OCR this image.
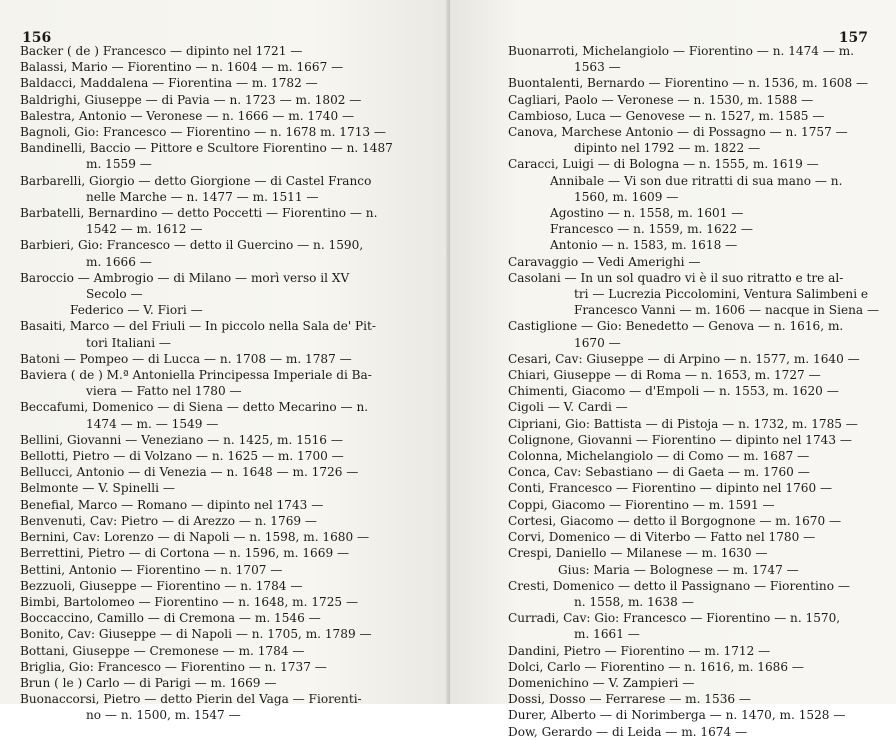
156
Backer ( de ) Francesco — dipinto nel 1721 —
Balassi, Mario — Fiorentino — n. 1604 — m. 1667 —
Baldacci, Maddalena — Fiorentina — m. 1782 —
Baldrighi, Giuseppe — di Pavia — n. 1723 — m. 1802 —
Balestra, Antonio — Veronese — n. 1666 — m. 1740 —
Bagnoli, Gio: Francesco — Fiorentino — n. 1678 m. 1713 —
Bandinelli, Baccio — Pittore e Scultore Fiorentino — n. 1487
m. 1559 —
Barbarelli, Giorgio — detto Giorgione — di Castel Franco
nelle Marche — n. 1477 — m. 1511 —
Barbatelli, Bernardino — detto Poccetti — Fiorentino — n.
1542 — m. 1612 —
Barbieri, Gio: Francesco — detto il Guercino — n. 1590,
m. 1666 —
Baroccio — Ambrogio — di Milano — morì verso il XV
Secolo —
Federico — V. Fiori —
Basaiti, Marco — del Friuli — In piccolo nella Sala de' Pit-
tori Italiani —
Batoni — Pompeo — di Lucca — n. 1708 — m. 1787 —
Baviera ( de ) M.ª Antoniella Principessa Imperiale di Ba-
viera — Fatto nel 1780 —
Beccafumi, Domenico — di Siena — detto Mecarino — n.
1474 — m. — 1549 —
Bellini, Giovanni — Veneziano — n. 1425, m. 1516 —
Bellotti, Pietro — di Volzano — n. 1625 — m. 1700 —
Bellucci, Antonio — di Venezia — n. 1648 — m. 1726 —
Belmonte — V. Spinelli —
Benefial, Marco — Romano — dipinto nel 1743 —
Benvenuti, Cav: Pietro — di Arezzo — n. 1769 —
Bernini, Cav: Lorenzo — di Napoli — n. 1598, m. 1680 —
Berrettini, Pietro — di Cortona — n. 1596, m. 1669 —
Bettini, Antonio — Fiorentino — n. 1707 —
Bezzuoli, Giuseppe — Fiorentino — n. 1784 —
Bimbi, Bartolomeo — Fiorentino — n. 1648, m. 1725 —
Boccaccino, Camillo — di Cremona — m. 1546 —
Bonito, Cav: Giuseppe — di Napoli — n. 1705, m. 1789 —
Bottani, Giuseppe — Cremonese — m. 1784 —
Briglia, Gio: Francesco — Fiorentino — n. 1737 —
Brun ( le ) Carlo — di Parigi — m. 1669 —
Buonaccorsi, Pietro — detto Pierin del Vaga — Fiorenti-
no — n. 1500, m. 1547 —
157
Buonarroti, Michelangiolo — Fiorentino — n. 1474 — m.
1563 —
Buontalenti, Bernardo — Fiorentino — n. 1536, m. 1608 —
Cagliari, Paolo — Veronese — n. 1530, m. 1588 —
Cambioso, Luca — Genovese — n. 1527, m. 1585 —
Canova, Marchese Antonio — di Possagno — n. 1757 —
dipinto nel 1792 — m. 1822 —
Caracci, Luigi — di Bologna — n. 1555, m. 1619 —
Annibale — Vi son due ritratti di sua mano — n.
1560, m. 1609 —
Agostino — n. 1558, m. 1601 —
Francesco — n. 1559, m. 1622 —
Antonio — n. 1583, m. 1618 —
Caravaggio — Vedi Amerighi —
Casolani — In un sol quadro vi è il suo ritratto e tre al-
tri — Lucrezia Piccolomini, Ventura Salimbeni e
Francesco Vanni — m. 1606 — nacque in Siena —
Castiglione — Gio: Benedetto — Genova — n. 1616, m.
1670 —
Cesari, Cav: Giuseppe — di Arpino — n. 1577, m. 1640 —
Chiari, Giuseppe — di Roma — n. 1653, m. 1727 —
Chimenti, Giacomo — d'Empoli — n. 1553, m. 1620 —
Cigoli — V. Cardi —
Cipriani, Gio: Battista — di Pistoja — n. 1732, m. 1785 —
Colignone, Giovanni — Fiorentino — dipinto nel 1743 —
Colonna, Michelangiolo — di Como — m. 1687 —
Conca, Cav: Sebastiano — di Gaeta — m. 1760 —
Conti, Francesco — Fiorentino — dipinto nel 1760 —
Coppi, Giacomo — Fiorentino — m. 1591 —
Cortesi, Giacomo — detto il Borgognone — m. 1670 —
Corvi, Domenico — di Viterbo — Fatto nel 1780 —
Crespi, Daniello — Milanese — m. 1630 —
Gius: Maria — Bolognese — m. 1747 —
Cresti, Domenico — detto il Passignano — Fiorentino —
n. 1558, m. 1638 —
Curradi, Cav: Gio: Francesco — Fiorentino — n. 1570,
m. 1661 —
Dandini, Pietro — Fiorentino — m. 1712 —
Dolci, Carlo — Fiorentino — n. 1616, m. 1686 —
Domenichino — V. Zampieri —
Dossi, Dosso — Ferrarese — m. 1536 —
Durer, Alberto — di Norimberga — n. 1470, m. 1528 —
Dow, Gerardo — di Leida — m. 1674 —
